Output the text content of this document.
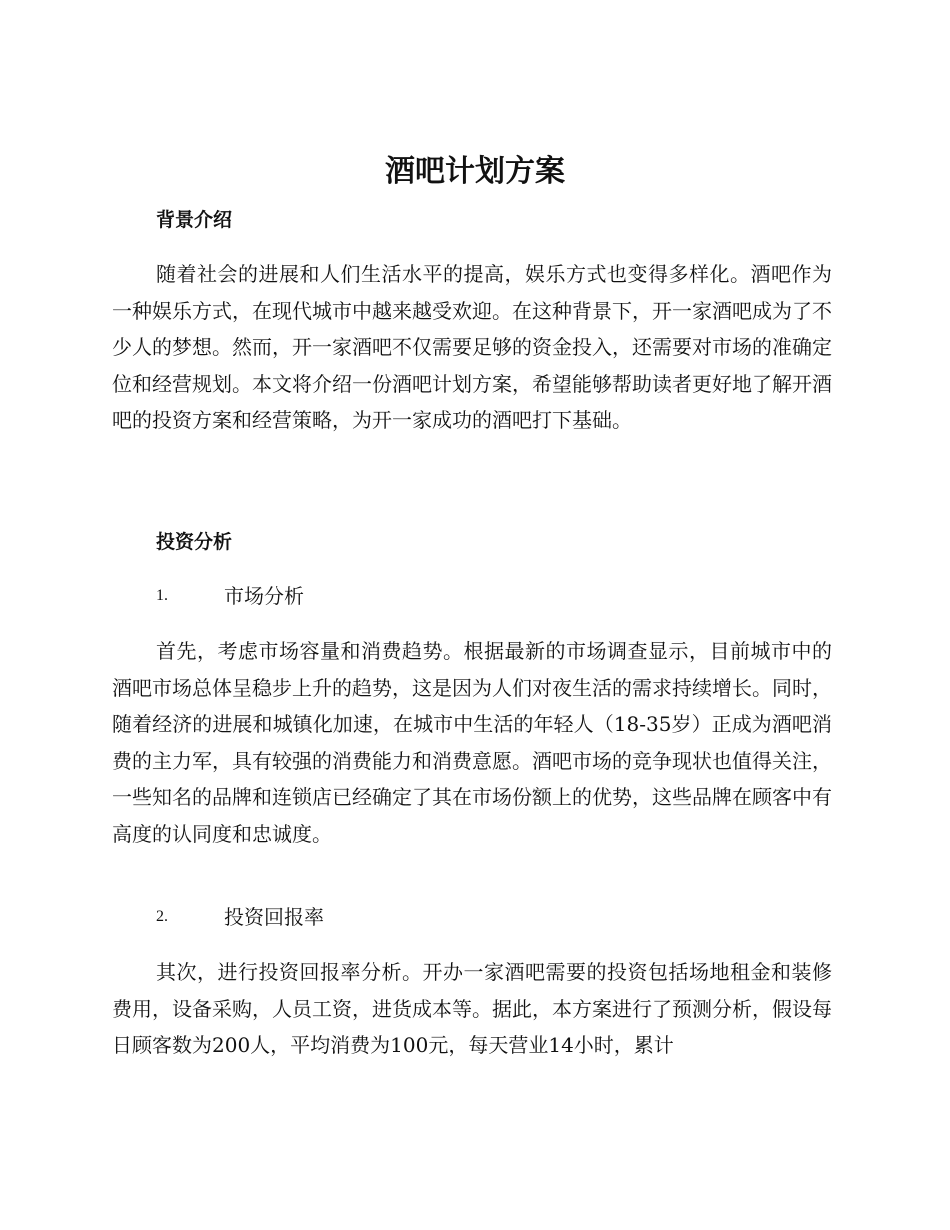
酒吧计划方案
背景介绍

随着社会的进展和人们生活水平的提高，娱乐方式也变得多样化。酒吧作为一种娱乐方式，在现代城市中越来越受欢迎。在这种背景下，开一家酒吧成为了不少人的梦想。然而，开一家酒吧不仅需要足够的资金投入，还需要对市场的准确定位和经营规划。本文将介绍一份酒吧计划方案，希望能够帮助读者更好地了解开酒吧的投资方案和经营策略，为开一家成功的酒吧打下基础。

投资分析
1.	市场分析

首先，考虑市场容量和消费趋势。根据最新的市场调查显示，目前城市中的酒吧市场总体呈稳步上升的趋势，这是因为人们对夜生活的需求持续增长。同时，随着经济的进展和城镇化加速，在城市中生活的年轻人（18-35岁）正成为酒吧消费的主力军，具有较强的消费能力和消费意愿。酒吧市场的竞争现状也值得关注，一些知名的品牌和连锁店已经确定了其在市场份额上的优势，这些品牌在顾客中有高度的认同度和忠诚度。

2.	投资回报率

其次，进行投资回报率分析。开办一家酒吧需要的投资包括场地租金和装修费用，设备采购，人员工资，进货成本等。据此，本方案进行了预测分析，假设每日顾客数为200人，平均消费为100元，每天营业14小时，累计
